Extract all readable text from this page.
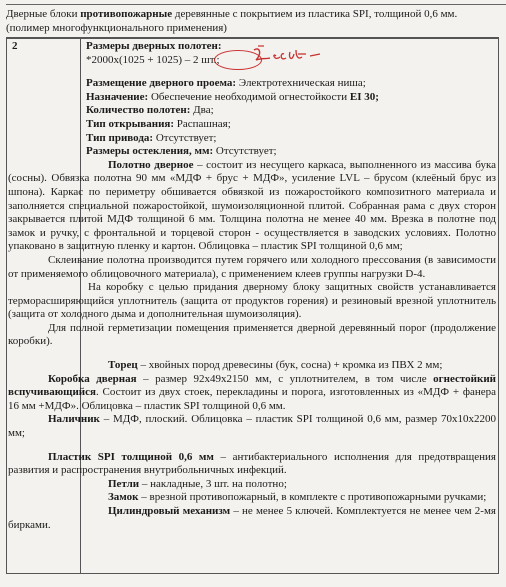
Дверные блоки противопожарные деревянные с покрытием из пластика SPI, толщиной 0,6 мм. (полимер многофункционального применения)
2	Размеры дверных полотен:

*2000x(1025 + 1025) – 2 шт.;

Размещение дверного проема: Электротехническая ниша;

Назначение: Обеспечение необходимой огнестойкости EI 30;

Количество полотен: Два;

Тип открывания: Распашная;

Тип привода: Отсутствует;

Размеры остекления, мм: Отсутствует;

Полотно дверное – состоит из несущего каркаса, выполненного из массива бука (сосны). Обвязка полотна 90 мм «МДФ + брус + МДФ», усиление LVL – брусом (клеёный брус из шпона). Каркас по периметру обшивается обвязкой из пожаростойкого композитного материала и заполняется специальной пожаростойкой, шумоизоляционной плитой. Собранная рама с двух сторон закрывается плитой МДФ толщиной 6 мм. Толщина полотна не менее 40 мм. Врезка в полотне под замок и ручку, с фронтальной и торцевой сторон - осуществляется в заводских условиях. Полотно упаковано в защитную пленку и картон. Облицовка – пластик SPI толщиной 0,6 мм;

Склеивание полотна производится путем горячего или холодного прессования (в зависимости от применяемого облицовочного материала), с применением клеев группы нагрузки D-4.

На коробку с целью придания дверному блоку защитных свойств устанавливается терморасширяющийся уплотнитель (защита от продуктов горения) и резиновый врезной уплотнитель (защита от холодного дыма и дополнительная шумоизоляция).

Для полной герметизации помещения применяется дверной деревянный порог (продолжение коробки).

Торец – хвойных пород древесины (бук, сосна) + кромка из ПВХ 2 мм;

Коробка дверная – размер 92x49x2150 мм, с уплотнителем, в том числе огнестойкий вспучивающийся. Состоит из двух стоек, перекладины и порога, изготовленных из «МДФ + фанера 16 мм +МДФ». Облицовка – пластик SPI толщиной 0,6 мм.

Наличник – МДФ, плоский. Облицовка – пластик SPI толщиной 0,6 мм, размер 70x10x2200 мм;

Пластик SPI толщиной 0,6 мм – антибактериального исполнения для предотвращения развития и распространения внутрибольничных инфекций.

Петли – накладные, 3 шт. на полотно;

Замок – врезной противопожарный, в комплекте с противопожарными ручками;

Цилиндровый механизм – не менее 5 ключей. Комплектуется не менее чем 2-мя бирками.
